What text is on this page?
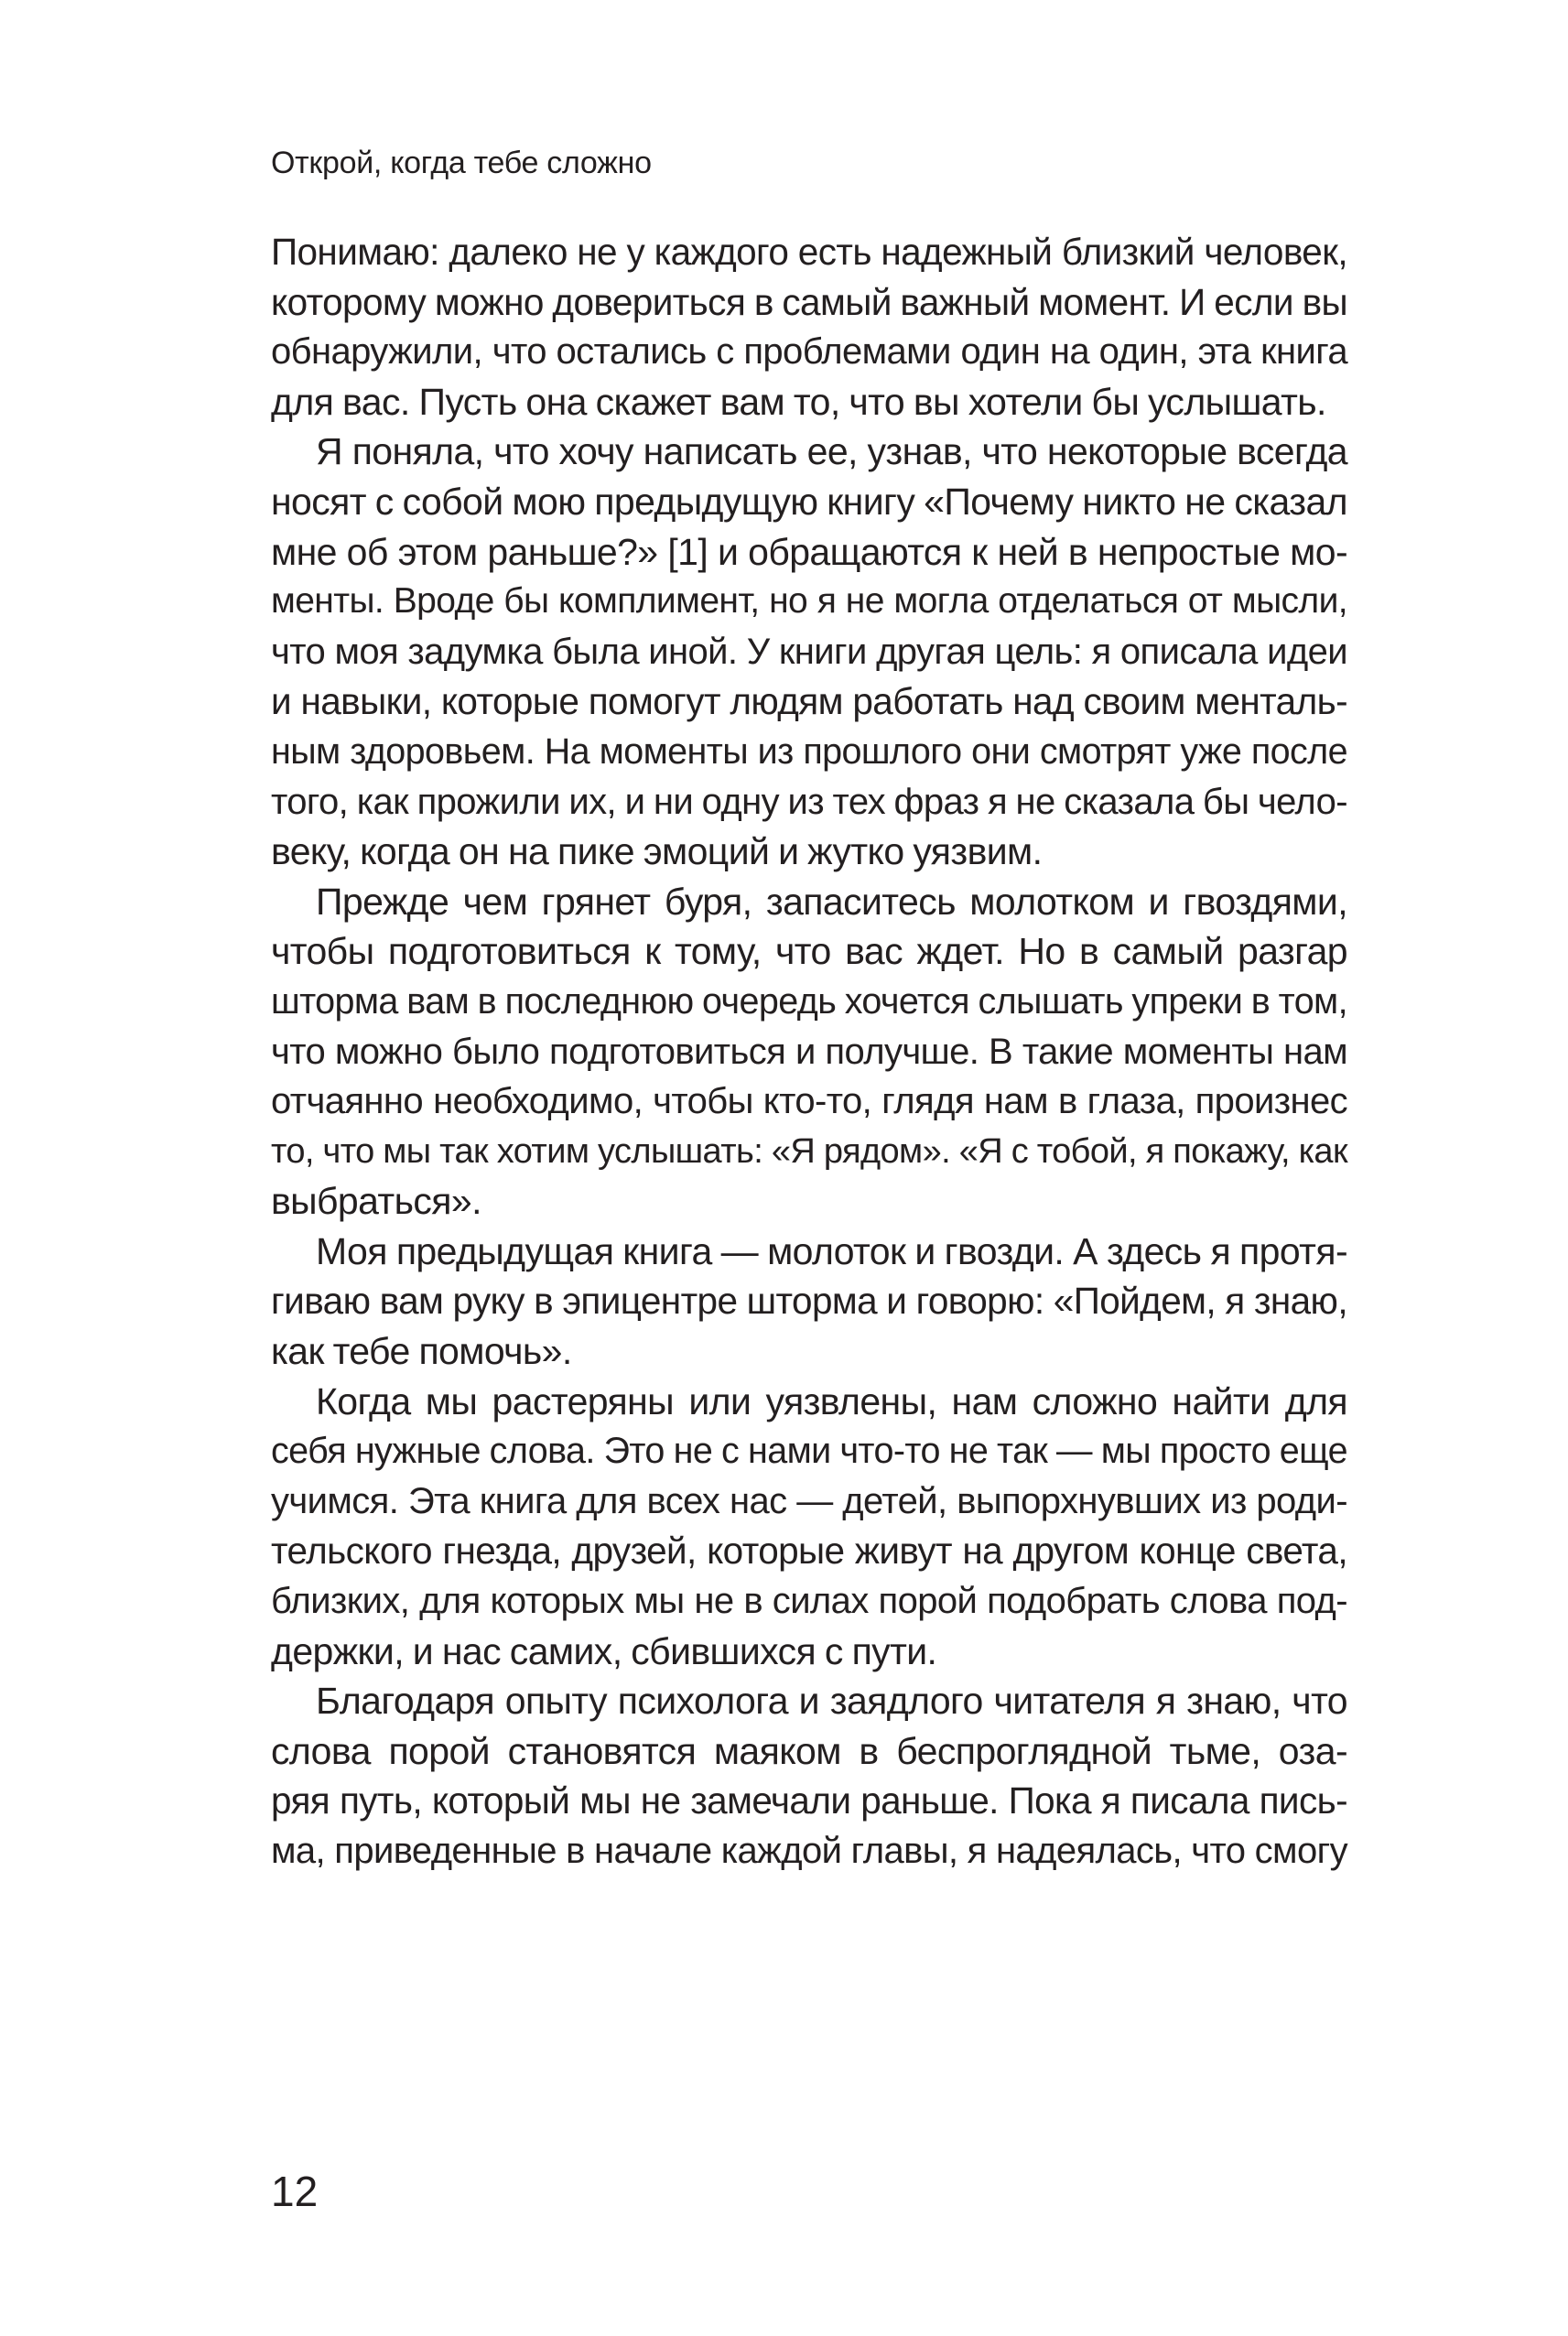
Открой, когда тебе сложно
Понимаю: далеко не у каждого есть надежный близкий человек,
которому можно довериться в самый важный момент. И если вы
обнаружили, что остались с проблемами один на один, эта книга
для вас. Пусть она скажет вам то, что вы хотели бы услышать.
Я поняла, что хочу написать ее, узнав, что некоторые всегда
носят с собой мою предыдущую книгу «Почему никто не сказал
мне об этом раньше?» [1] и обращаются к ней в непростые мо-
менты. Вроде бы комплимент, но я не могла отделаться от мысли,
что моя задумка была иной. У книги другая цель: я описала идеи
и навыки, которые помогут людям работать над своим менталь-
ным здоровьем. На моменты из прошлого они смотрят уже после
того, как прожили их, и ни одну из тех фраз я не сказала бы чело-
веку, когда он на пике эмоций и жутко уязвим.
Прежде чем грянет буря, запаситесь молотком и гвоздями,
чтобы подготовиться к тому, что вас ждет. Но в самый разгар
шторма вам в последнюю очередь хочется слышать упреки в том,
что можно было подготовиться и получше. В такие моменты нам
отчаянно необходимо, чтобы кто-то, глядя нам в глаза, произнес
то, что мы так хотим услышать: «Я рядом». «Я с тобой, я покажу, как
выбраться».
Моя предыдущая книга — молоток и гвозди. А здесь я протя-
гиваю вам руку в эпицентре шторма и говорю: «Пойдем, я знаю,
как тебе помочь».
Когда мы растеряны или уязвлены, нам сложно найти для
себя нужные слова. Это не с нами что-то не так — мы просто еще
учимся. Эта книга для всех нас — детей, выпорхнувших из роди-
тельского гнезда, друзей, которые живут на другом конце света,
близких, для которых мы не в силах порой подобрать слова под-
держки, и нас самих, сбившихся с пути.
Благодаря опыту психолога и заядлого читателя я знаю, что
слова порой становятся маяком в беспроглядной тьме, оза-
ряя путь, который мы не замечали раньше. Пока я писала пись-
ма, приведенные в начале каждой главы, я надеялась, что смогу
12
